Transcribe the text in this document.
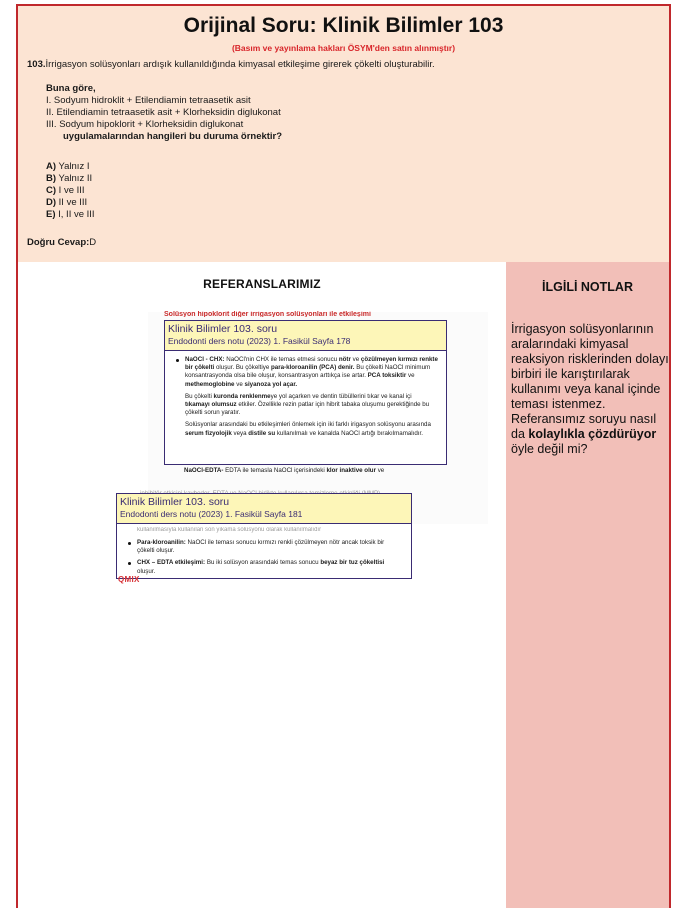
Orijinal Soru: Klinik Bilimler 103
(Basım ve yayınlama hakları ÖSYM'den satın alınmıştır)
103.İrrigasyon solüsyonları ardışık kullanıldığında kimyasal etkileşime girerek çökelti oluşturabilir.
Buna göre,
I. Sodyum hidroklit + Etilendiamin tetraasetik asit
II. Etilendiamin tetraasetik asit + Klorheksidin diglukonat
III. Sodyum hipoklorit + Klorheksidin diglukonat
uygulamalarından hangileri bu duruma örnektir?
A) Yalnız I
B) Yalnız II
C) I ve III
D) II ve III
E) I, II ve III
Doğru Cevap:D
REFERANSLARIMIZ
Solüsyon hipoklorit diğer irrigasyon solüsyonları ile etkileşimi
Klinik Bilimler 103. soru
Endodonti ders notu (2023) 1. Fasikül Sayfa 178

NaOCl - CHX: NaOCl'nin CHX ile temas etmesi sonucu nötr ve çözülmeyen kırmızı renkte bir çökelti oluşur. Bu çökeltiye para-kloroanilin (PCA) denir. Bu çökelti NaOCl minimum konsantrasyonda olsa bile oluşur, konsantrasyon arttıkça ise artar. PCA toksiktir ve methemoglobine ve siyanoza yol açar.

Bu çökelti kuronda renklenmeye yol açarken ve dentin tübüllerini tıkar ve kanal içi tıkamayı olumsuz etkiler. Özellikle rezin patlar için hibrit tabaka oluşumu gerektiğinde bu çökelti sorun yaratır.

Solüsyonlar arasındaki bu etkileşimleri önlemek için iki farklı irigasyon solüsyonu arasında serum fizyolojik veya distile su kullanılmalı ve kanalda NaOCl artığı bırakılmamalıdır.

NaOCl-EDTA- EDTA ile temasla NaOCl içerisindeki klor inaktive olur ve
Klinik Bilimler 103. soru
Endodonti ders notu (2023) 1. Fasikül Sayfa 181
kullanılmasıyla kullanılan son yıkama solüsyonu olarak kullanılmalıdır

Para-kloroanilin: NaOCl ile teması sonucu kırmızı renkli çözülmeyen nötr ancak toksik bir çökelti oluşur.

CHX – EDTA etkileşimi: Bu iki solüsyon arasındaki temas sonucu beyaz bir tuz çökeltisi oluşur.

QMIX
İLGİLİ NOTLAR
İrrigasyon solüsyonlarının aralarındaki kimyasal reaksiyon risklerinden dolayı birbiri ile karıştırılarak kullanımı veya kanal içinde teması istenmez. Referansımız soruyu nasıl da kolaylıkla çözdürüyor öyle değil mi?
